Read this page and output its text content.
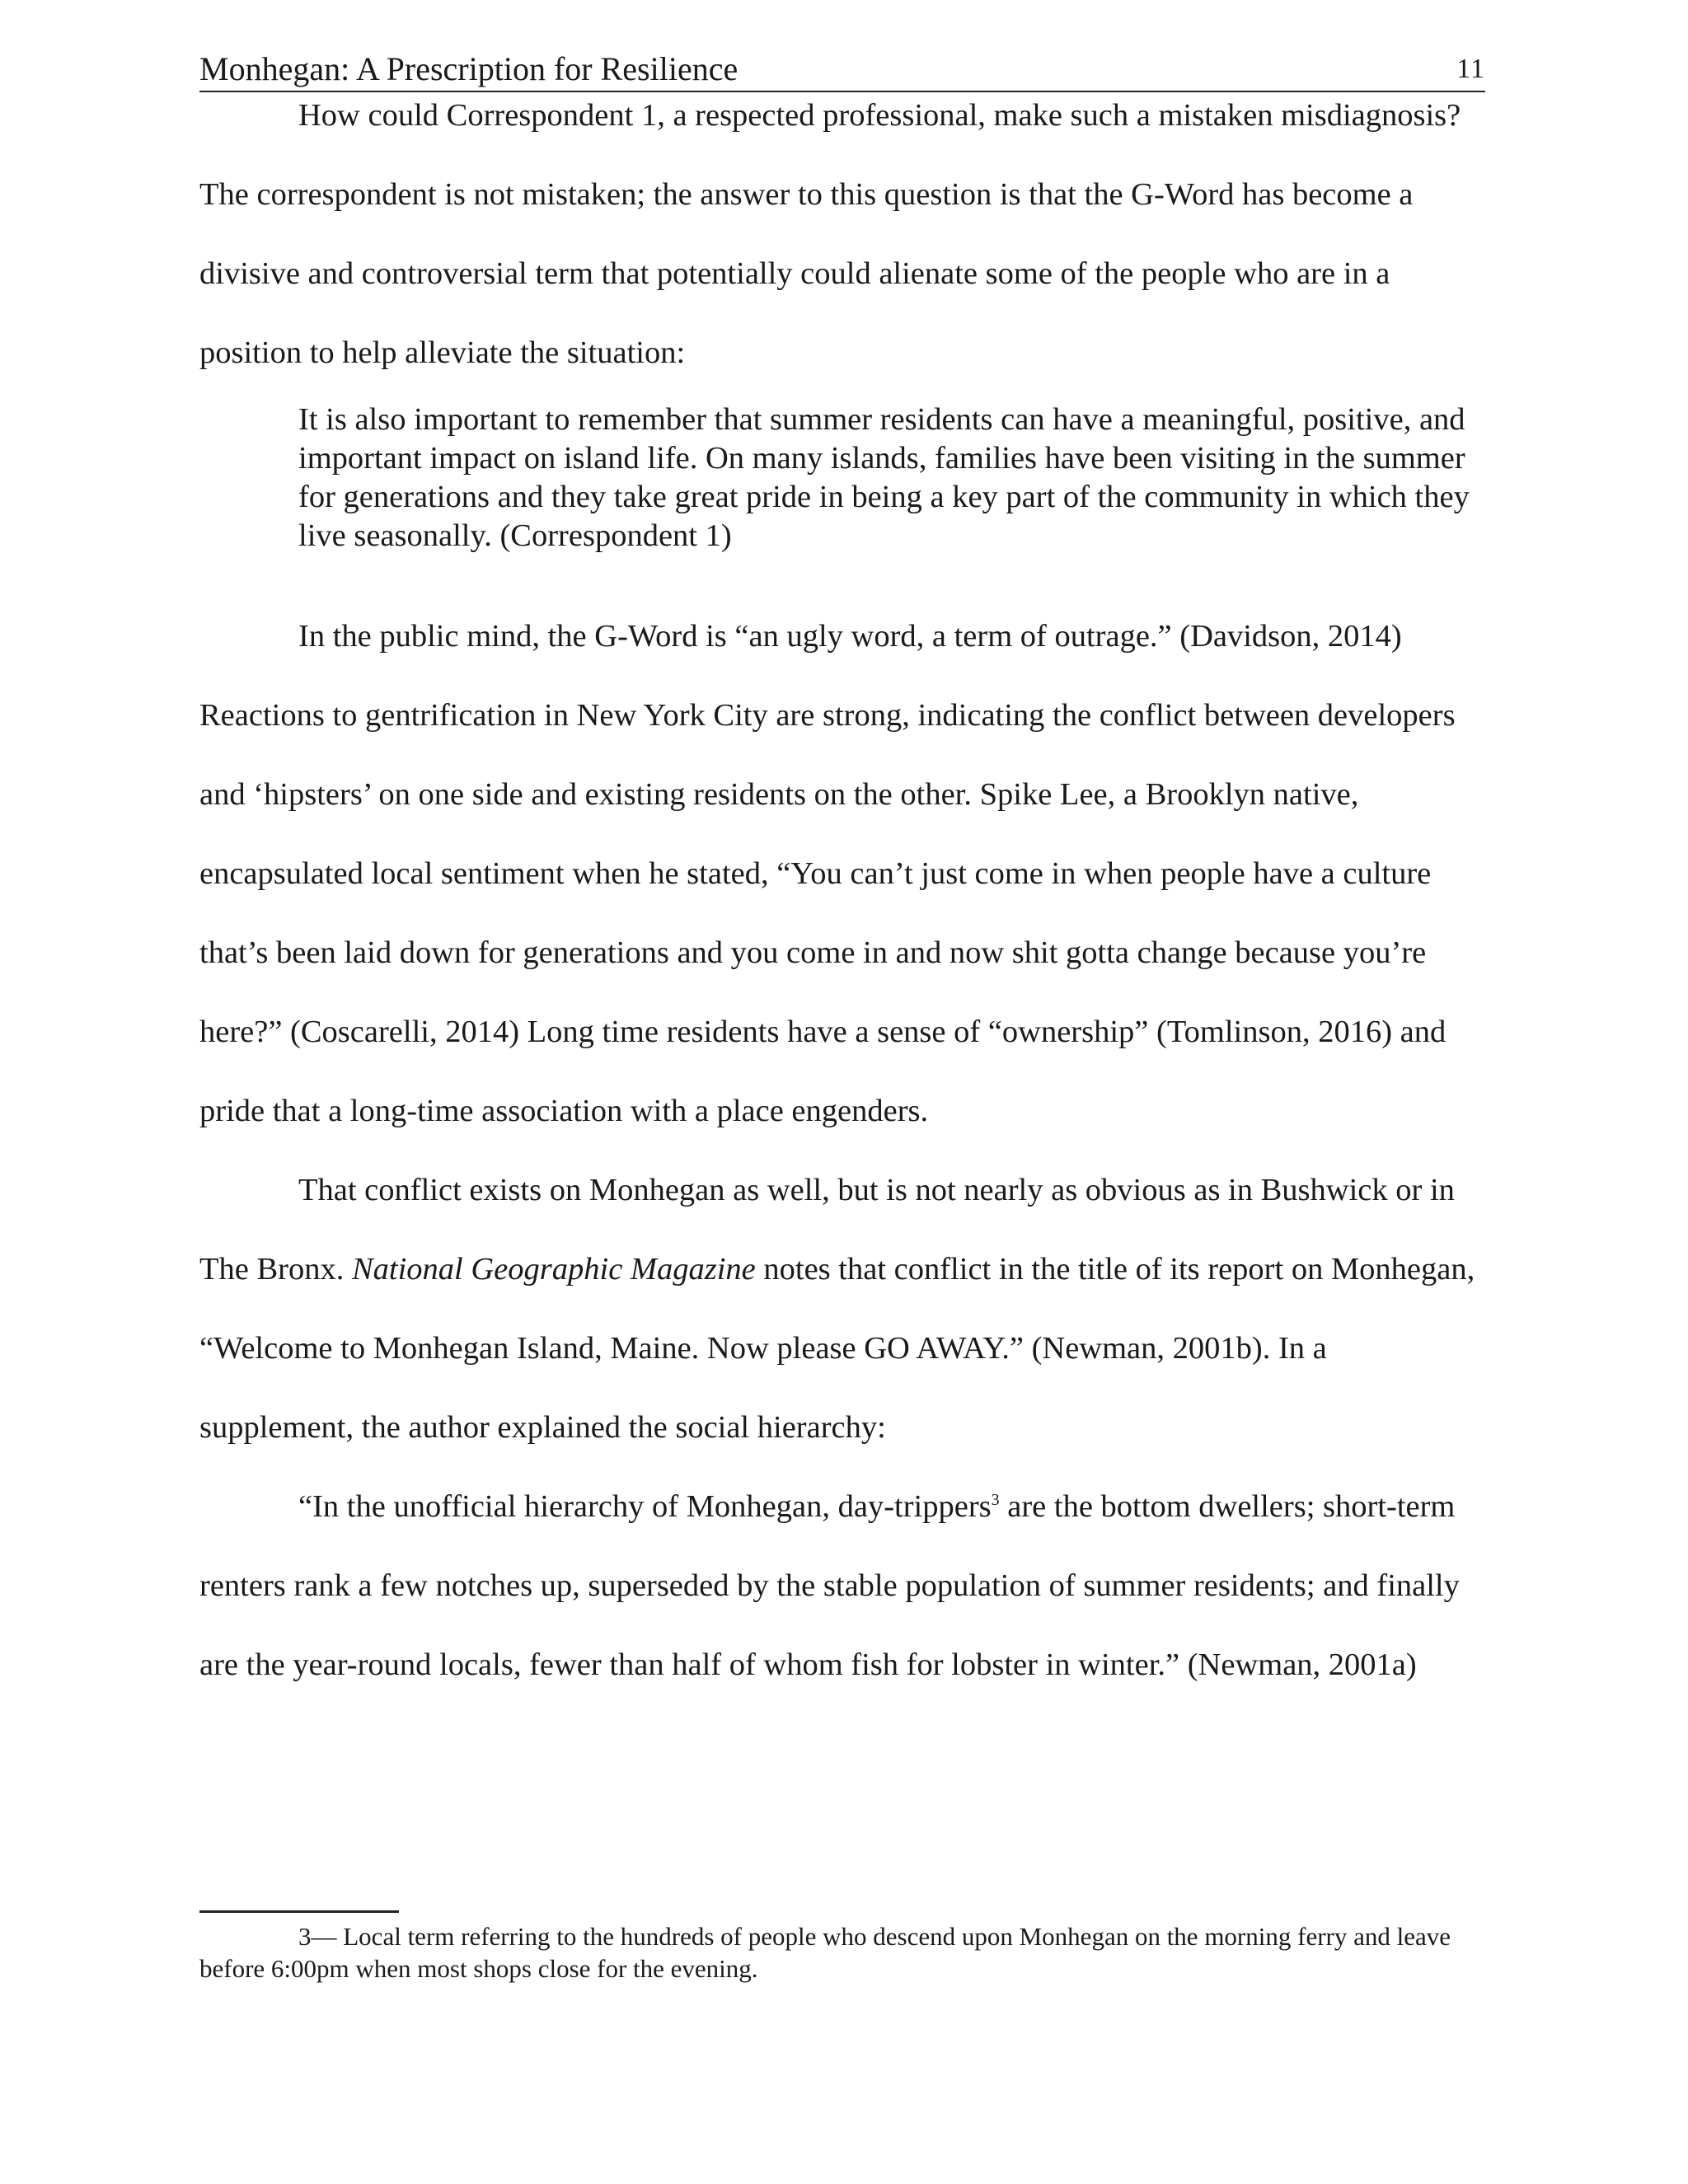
Monhegan: A Prescription for Resilience	11

How could Correspondent 1, a respected professional, make such a mistaken misdiagnosis? The correspondent is not mistaken; the answer to this question is that the G-Word has become a divisive and controversial term that potentially could alienate some of the people who are in a position to help alleviate the situation:

It is also important to remember that summer residents can have a meaningful, positive, and important impact on island life. On many islands, families have been visiting in the summer for generations and they take great pride in being a key part of the community in which they live seasonally. (Correspondent 1)

In the public mind, the G-Word is “an ugly word, a term of outrage.” (Davidson, 2014) Reactions to gentrification in New York City are strong, indicating the conflict between developers and ‘hipsters’ on one side and existing residents on the other. Spike Lee, a Brooklyn native, encapsulated local sentiment when he stated, “You can’t just come in when people have a culture that’s been laid down for generations and you come in and now shit gotta change because you’re here?” (Coscarelli, 2014) Long time residents have a sense of “ownership” (Tomlinson, 2016) and pride that a long-time association with a place engenders.

That conflict exists on Monhegan as well, but is not nearly as obvious as in Bushwick or in The Bronx. National Geographic Magazine notes that conflict in the title of its report on Monhegan, “Welcome to Monhegan Island, Maine. Now please GO AWAY.” (Newman, 2001b). In a supplement, the author explained the social hierarchy:

“In the unofficial hierarchy of Monhegan, day-trippers$^3$ are the bottom dwellers; short-term renters rank a few notches up, superseded by the stable population of summer residents; and finally are the year-round locals, fewer than half of whom fish for lobster in winter.” (Newman, 2001a)

3— Local term referring to the hundreds of people who descend upon Monhegan on the morning ferry and leave before 6:00pm when most shops close for the evening.
